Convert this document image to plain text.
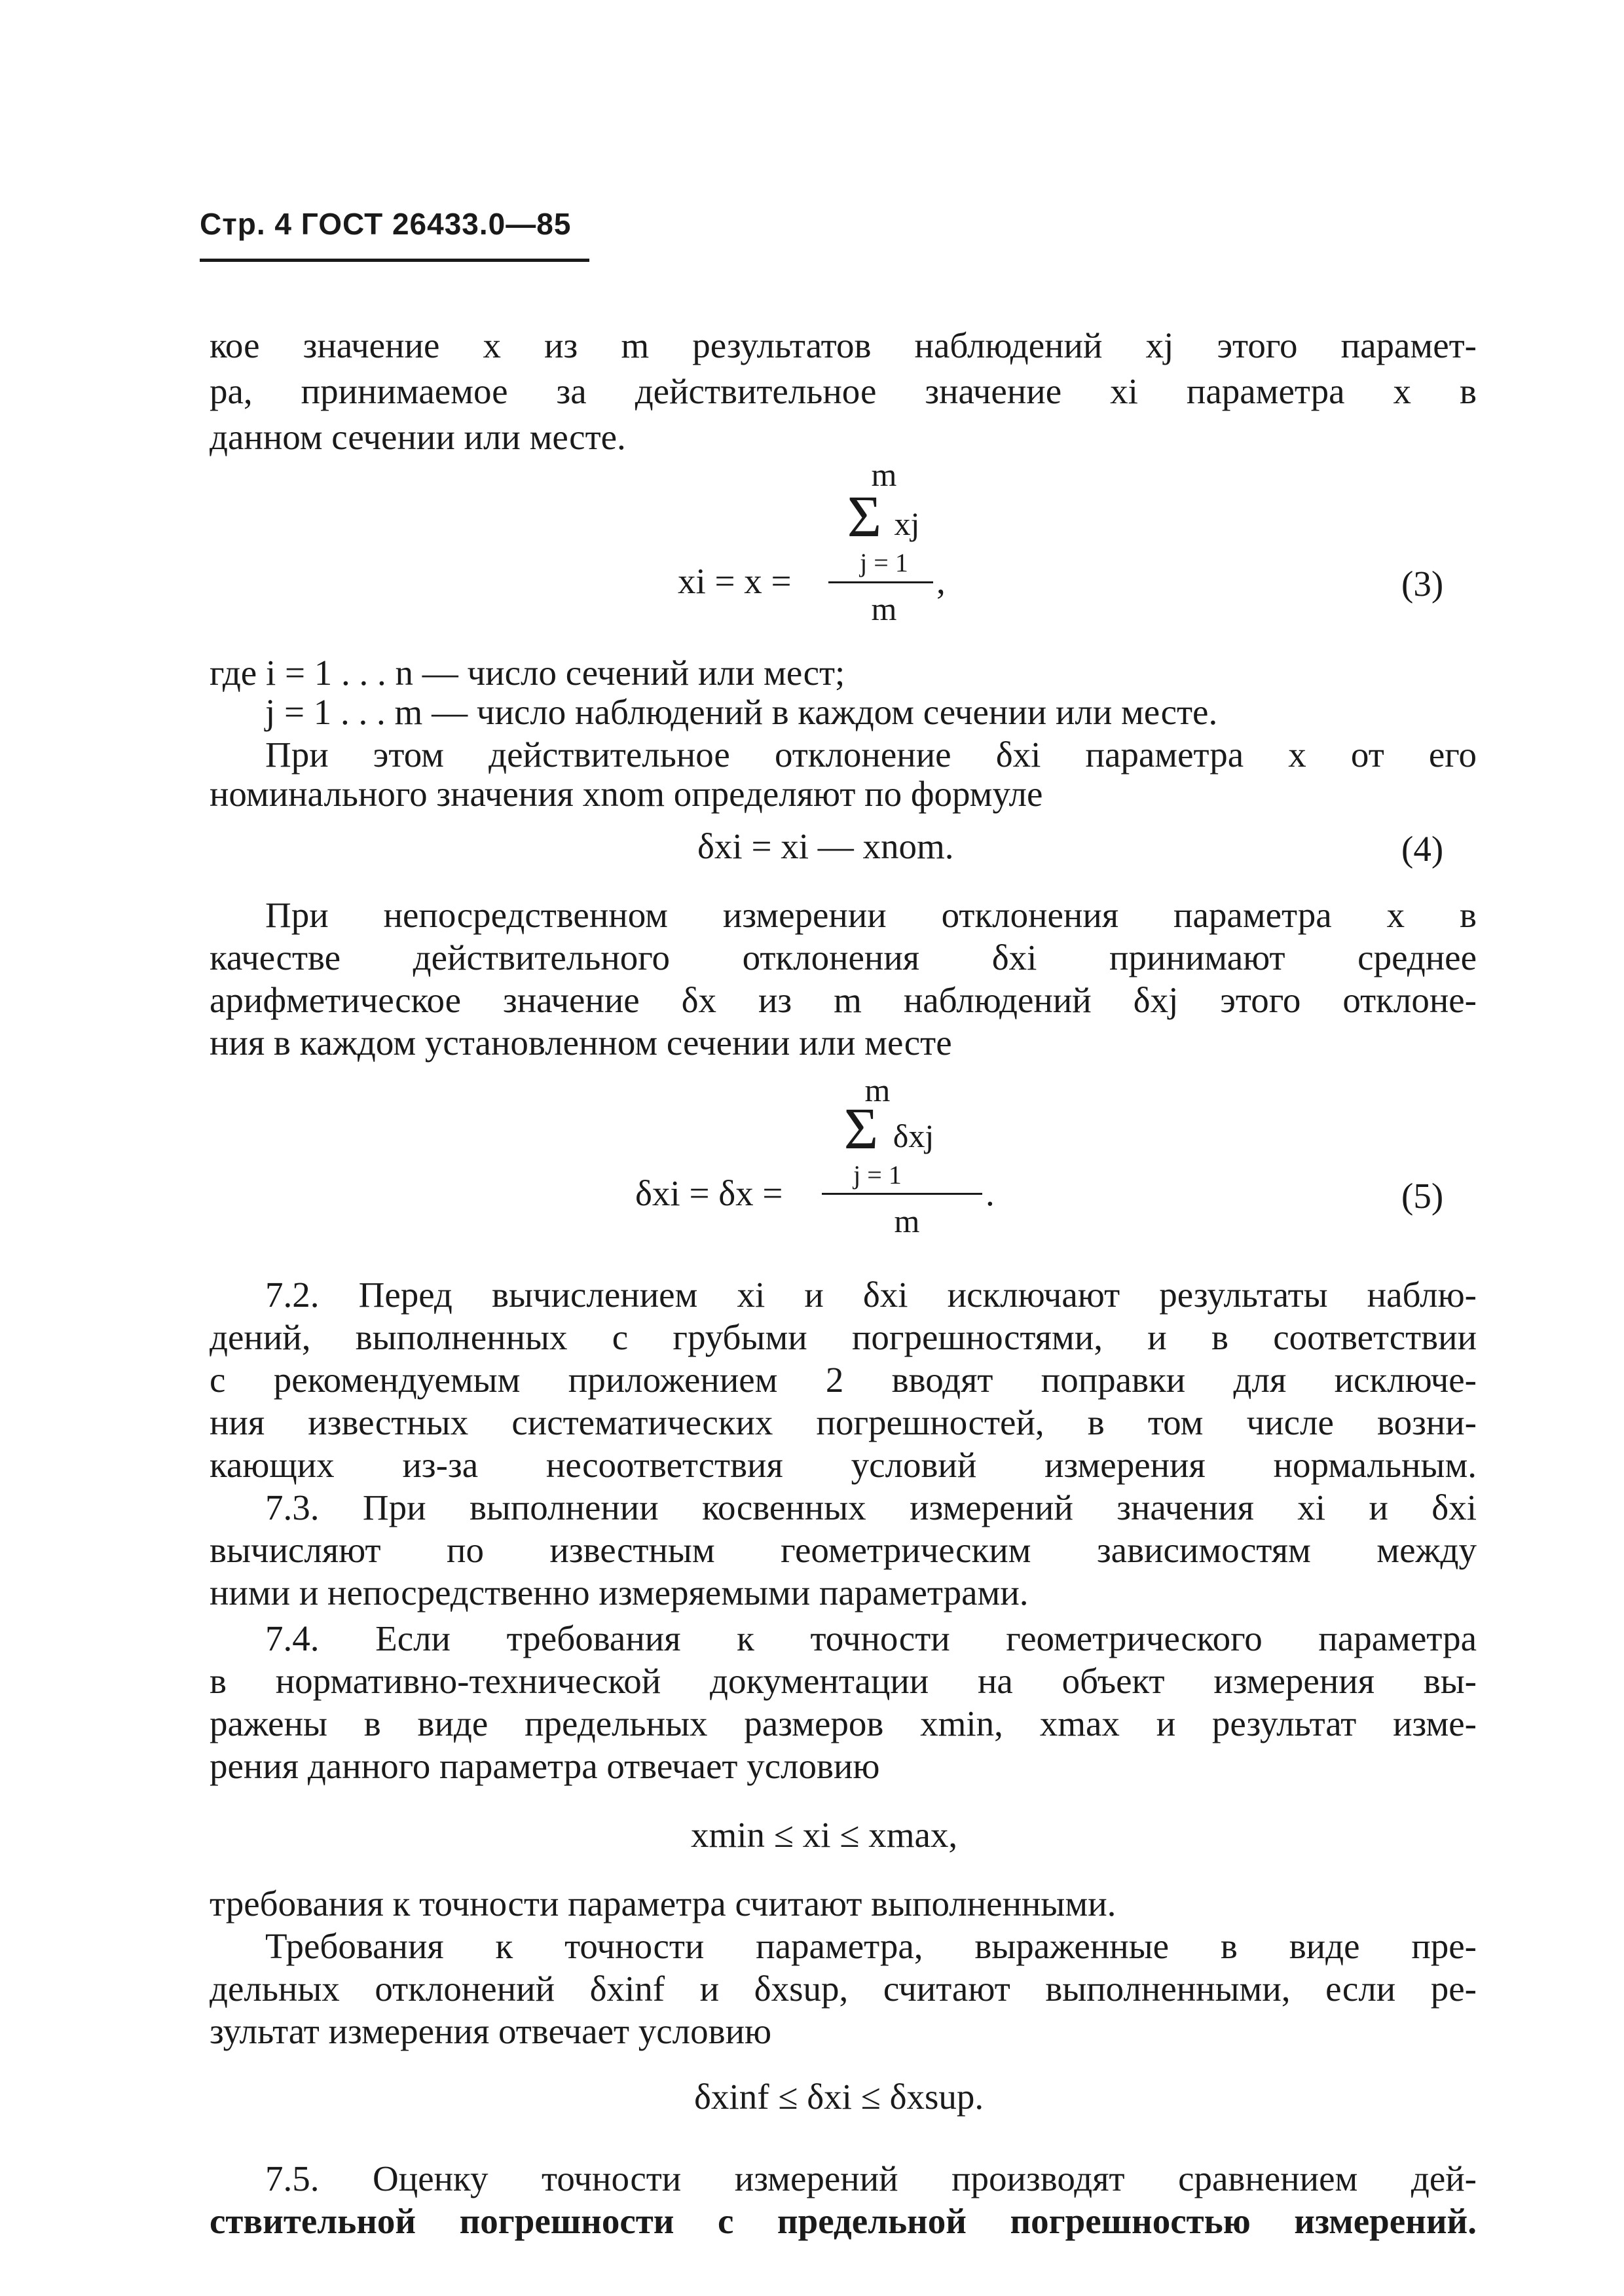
Стр. 4 ГОСТ 26433.0—85
кое значение x из m результатов наблюдений xj этого парамет-
ра, принимаемое за действительное значение xi параметра x в
данном сечении или месте.
xi = x =
m
Σ xj
j = 1
m
,	(3)
где i = 1 . . . n — число сечений или мест;
j = 1 . . . m — число наблюдений в каждом сечении или месте.
При этом действительное отклонение δxi параметра x от его
номинального значения xnom определяют по формуле
δxi = xi — xnom.	(4)
При непосредственном измерении отклонения параметра x в
качестве действительного отклонения δxi принимают среднее
арифметическое значение δx из m наблюдений δxj этого отклоне-
ния в каждом установленном сечении или месте
δxi = δx =
m
Σ δxj
j = 1
m
.	(5)
7.2. Перед вычислением xi и δxi исключают результаты наблю-
дений, выполненных с грубыми погрешностями, и в соответствии
с рекомендуемым приложением 2 вводят поправки для исключе-
ния известных систематических погрешностей, в том числе возни-
кающих из-за несоответствия условий измерения нормальным.
7.3. При выполнении косвенных измерений значения xi и δxi
вычисляют по известным геометрическим зависимостям между
ними и непосредственно измеряемыми параметрами.
7.4. Если требования к точности геометрического параметра
в нормативно-технической документации на объект измерения вы-
ражены в виде предельных размеров xmin, xmax и результат изме-
рения данного параметра отвечает условию
xmin ≤ xi ≤ xmax,
требования к точности параметра считают выполненными.
Требования к точности параметра, выраженные в виде пре-
дельных отклонений δxinf и δxsup, считают выполненными, если ре-
зультат измерения отвечает условию
δxinf ≤ δxi ≤ δxsup.
7.5. Оценку точности измерений производят сравнением дей-
ствительной погрешности с предельной погрешностью измерений.
